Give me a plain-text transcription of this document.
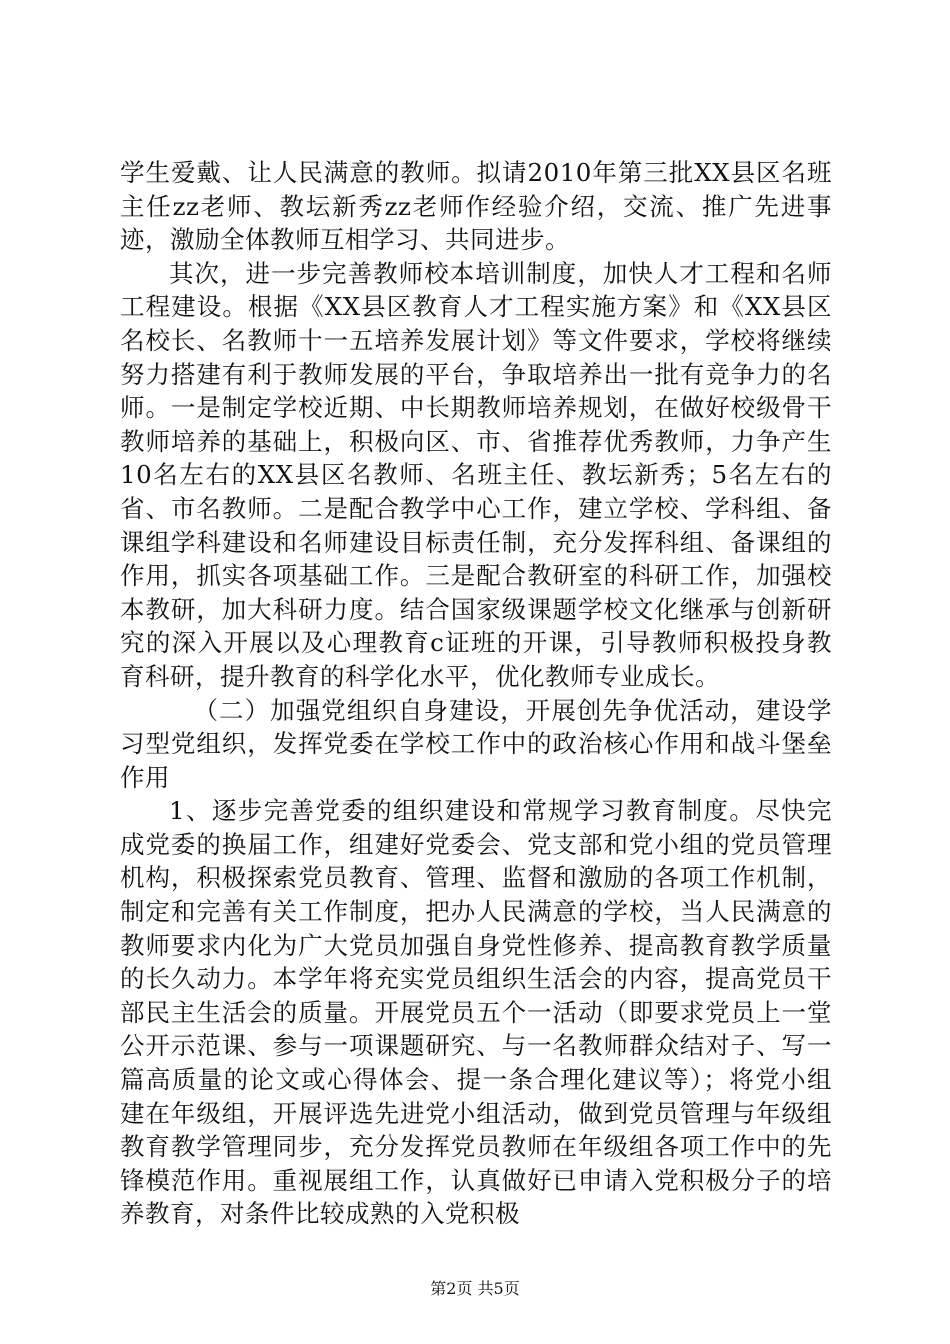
学生爱戴、让人民满意的教师。拟请2010年第三批XX县区名班主任zz老师、教坛新秀zz老师作经验介绍，交流、推广先进事迹，激励全体教师互相学习、共同进步。

其次，进一步完善教师校本培训制度，加快人才工程和名师工程建设。根据《XX县区教育人才工程实施方案》和《XX县区名校长、名教师十一五培养发展计划》等文件要求，学校将继续努力搭建有利于教师发展的平台，争取培养出一批有竞争力的名师。一是制定学校近期、中长期教师培养规划，在做好校级骨干教师培养的基础上，积极向区、市、省推荐优秀教师，力争产生10名左右的XX县区名教师、名班主任、教坛新秀；5名左右的省、市名教师。二是配合教学中心工作，建立学校、学科组、备课组学科建设和名师建设目标责任制，充分发挥科组、备课组的作用，抓实各项基础工作。三是配合教研室的科研工作，加强校本教研，加大科研力度。结合国家级课题学校文化继承与创新研究的深入开展以及心理教育c证班的开课，引导教师积极投身教育科研，提升教育的科学化水平，优化教师专业成长。

（二）加强党组织自身建设，开展创先争优活动，建设学习型党组织，发挥党委在学校工作中的政治核心作用和战斗堡垒作用

1、逐步完善党委的组织建设和常规学习教育制度。尽快完成党委的换届工作，组建好党委会、党支部和党小组的党员管理机构，积极探索党员教育、管理、监督和激励的各项工作机制，制定和完善有关工作制度，把办人民满意的学校，当人民满意的教师要求内化为广大党员加强自身党性修养、提高教育教学质量的长久动力。本学年将充实党员组织生活会的内容，提高党员干部民主生活会的质量。开展党员五个一活动（即要求党员上一堂公开示范课、参与一项课题研究、与一名教师群众结对子、写一篇高质量的论文或心得体会、提一条合理化建议等）；将党小组建在年级组，开展评选先进党小组活动，做到党员管理与年级组教育教学管理同步，充分发挥党员教师在年级组各项工作中的先锋模范作用。重视展组工作，认真做好已申请入党积极分子的培养教育，对条件比较成熟的入党积极

第2页 共5页
